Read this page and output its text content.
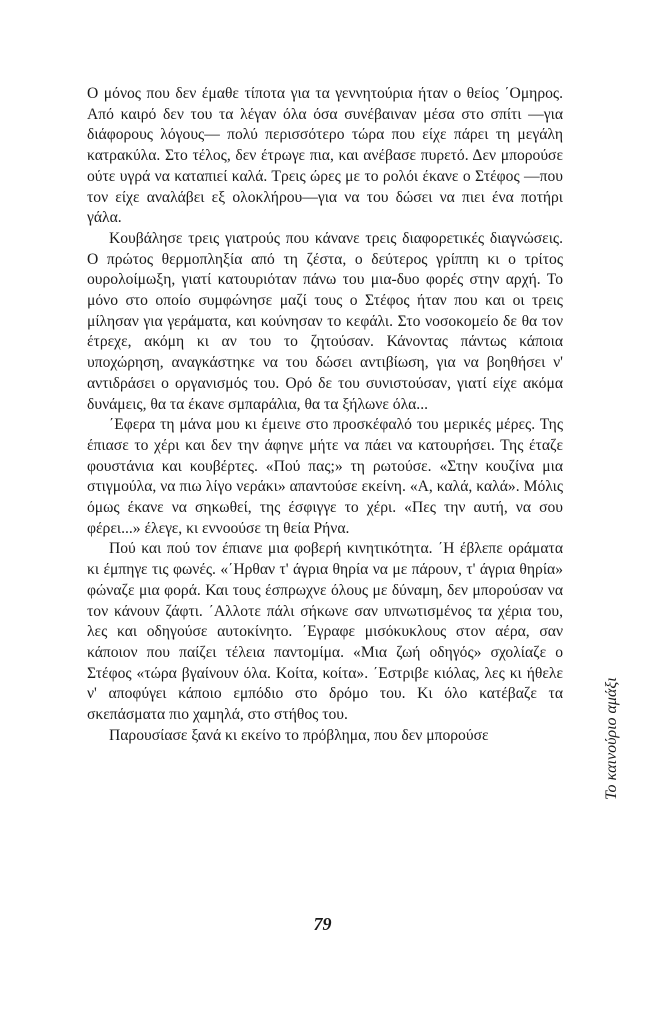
Ο μόνος που δεν έμαθε τίποτα για τα γεννητούρια ήταν ο θείος ΄Ομηρος. Από καιρό δεν του τα λέγαν όλα όσα συνέβαιναν μέσα στο σπίτι —για διάφορους λόγους— πολύ περισσότερο τώρα που είχε πάρει τη μεγάλη κατρακύλα. Στο τέλος, δεν έτρωγε πια, και ανέβασε πυρετό. Δεν μπορούσε ούτε υγρά να καταπιεί καλά. Τρεις ώρες με το ρολόι έκανε ο Στέφος —που τον είχε αναλάβει εξ ολοκλήρου—για να του δώσει να πιει ένα ποτήρι γάλα.

Κουβάλησε τρεις γιατρούς που κάνανε τρεις διαφορετικές διαγνώσεις. Ο πρώτος θερμοπληξία από τη ζέστα, ο δεύτερος γρίππη κι ο τρίτος ουρολοίμωξη, γιατί κατουριόταν πάνω του μια-δυο φορές στην αρχή. Το μόνο στο οποίο συμφώνησε μαζί τους ο Στέφος ήταν που και οι τρεις μίλησαν για γεράματα, και κούνησαν το κεφάλι. Στο νοσοκομείο δε θα τον έτρεχε, ακόμη κι αν του το ζητούσαν. Κάνοντας πάντως κάποια υποχώρηση, αναγκάστηκε να του δώσει αντιβίωση, για να βοηθήσει ν' αντιδράσει ο οργανισμός του. Ορό δε του συνιστούσαν, γιατί είχε ακόμα δυνάμεις, θα τα έκανε σμπαράλια, θα τα ξήλωνε όλα...

΄Εφερα τη μάνα μου κι έμεινε στο προσκέφαλό του μερικές μέρες. Της έπιασε το χέρι και δεν την άφηνε μήτε να πάει να κατουρήσει. Της έταζε φουστάνια και κουβέρτες. «Πού πας;» τη ρωτούσε. «Στην κουζίνα μια στιγμούλα, να πιω λίγο νεράκι» απαντούσε εκείνη. «Α, καλά, καλά». Μόλις όμως έκανε να σηκωθεί, της έσφιγγε το χέρι. «Πες την αυτή, να σου φέρει...» έλεγε, κι εννοούσε τη θεία Ρήνα.

Πού και πού τον έπιανε μια φοβερή κινητικότητα. ΄Η έβλεπε οράματα κι έμπηγε τις φωνές. «΄Ηρθαν τ' άγρια θηρία να με πάρουν, τ' άγρια θηρία» φώναζε μια φορά. Και τους έσπρωχνε όλους με δύναμη, δεν μπορούσαν να τον κάνουν ζάφτι. ΄Αλλοτε πάλι σήκωνε σαν υπνωτισμένος τα χέρια του, λες και οδηγούσε αυτοκίνητο. ΄Εγραφε μισόκυκλους στον αέρα, σαν κάποιον που παίζει τέλεια παντομίμα. «Μια ζωή οδηγός» σχολίαζε ο Στέφος «τώρα βγαίνουν όλα. Κοίτα, κοίτα». ΄Εστριβε κιόλας, λες κι ήθελε ν' αποφύγει κάποιο εμπόδιο στο δρόμο του. Κι όλο κατέβαζε τα σκεπάσματα πιο χαμηλά, στο στήθος του.

Παρουσίασε ξανά κι εκείνο το πρόβλημα, που δεν μπορούσε

79
Το καινούριο αμάξι
